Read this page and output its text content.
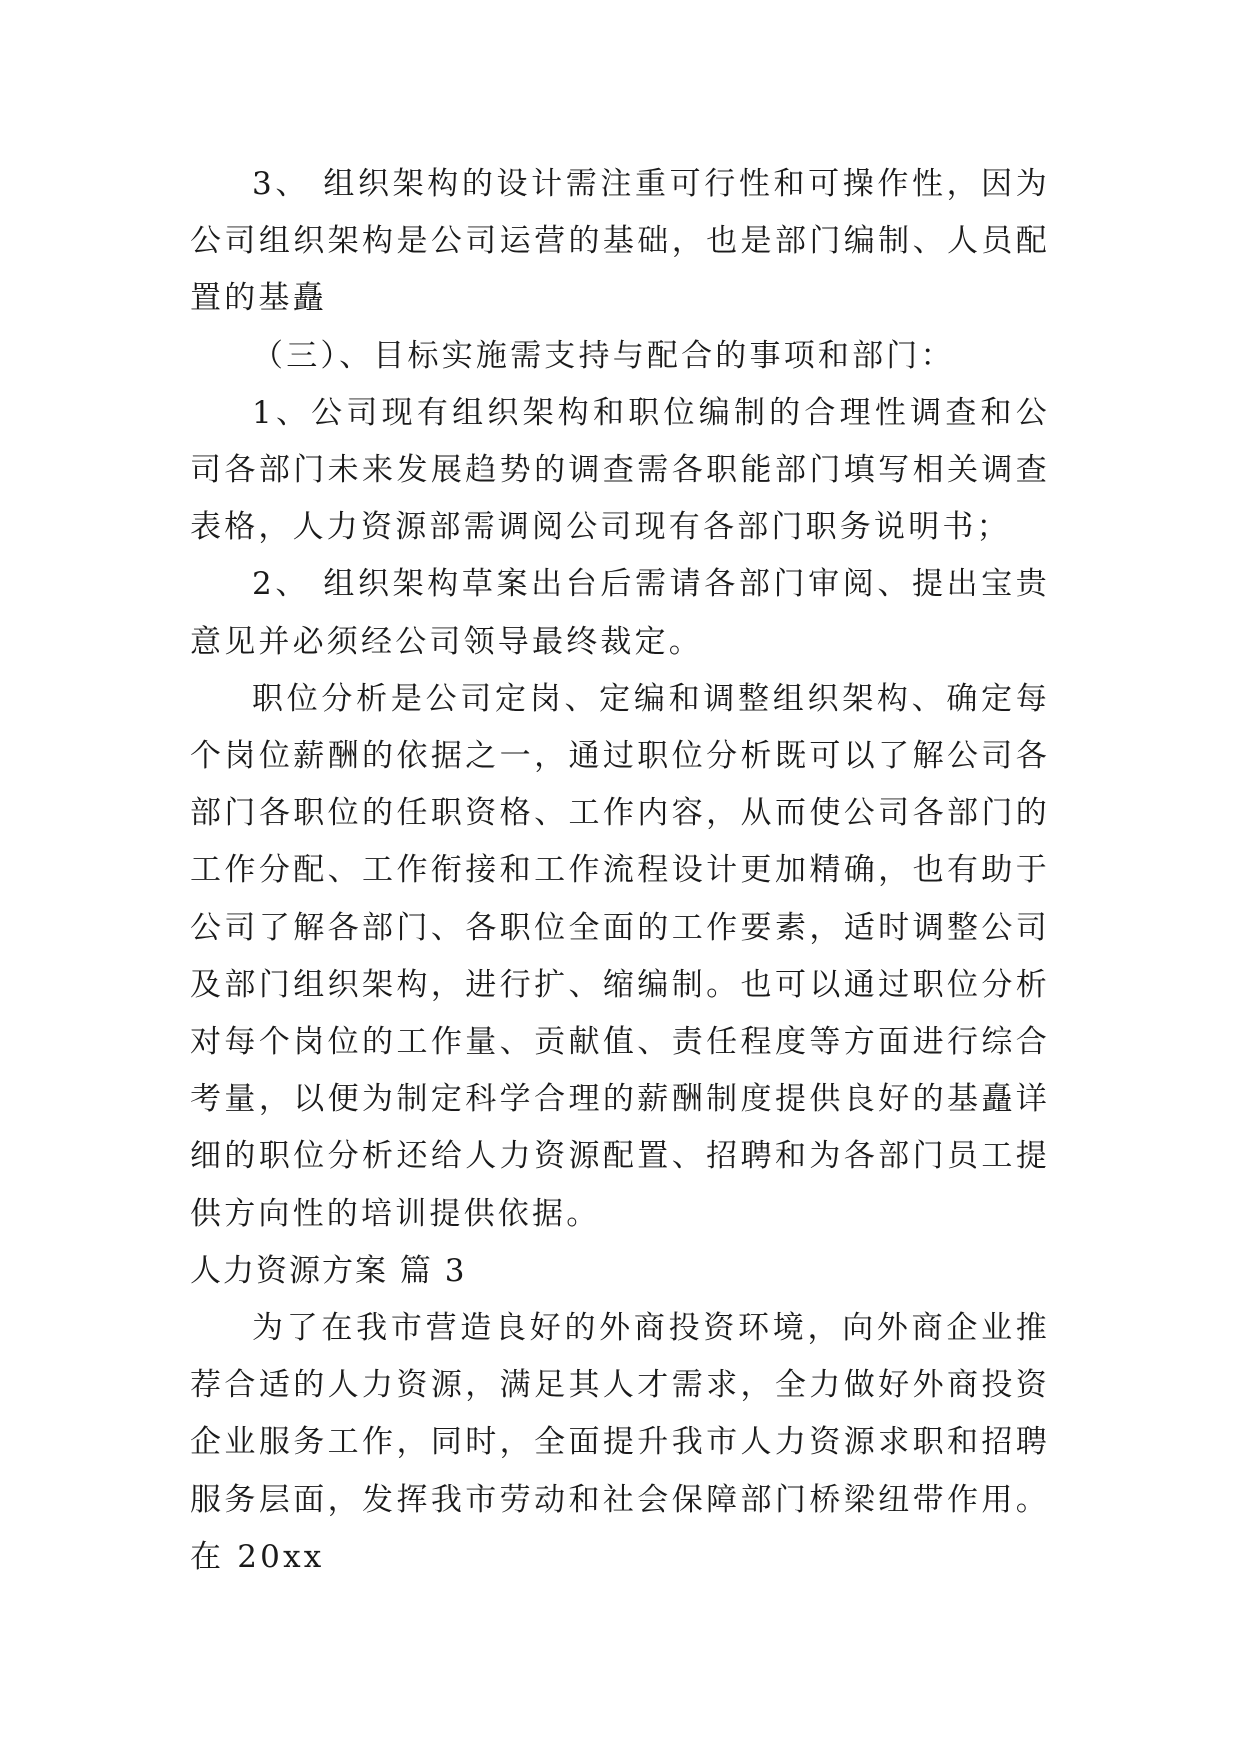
3、 组织架构的设计需注重可行性和可操作性，因为公司组织架构是公司运营的基础，也是部门编制、人员配置的基矗

（三）、目标实施需支持与配合的事项和部门：

1、公司现有组织架构和职位编制的合理性调查和公司各部门未来发展趋势的调查需各职能部门填写相关调查表格，人力资源部需调阅公司现有各部门职务说明书；

2、 组织架构草案出台后需请各部门审阅、提出宝贵意见并必须经公司领导最终裁定。

职位分析是公司定岗、定编和调整组织架构、确定每个岗位薪酬的依据之一，通过职位分析既可以了解公司各部门各职位的任职资格、工作内容，从而使公司各部门的工作分配、工作衔接和工作流程设计更加精确，也有助于公司了解各部门、各职位全面的工作要素，适时调整公司及部门组织架构，进行扩、缩编制。也可以通过职位分析对每个岗位的工作量、贡献值、责任程度等方面进行综合考量，以便为制定科学合理的薪酬制度提供良好的基矗详细的职位分析还给人力资源配置、招聘和为各部门员工提供方向性的培训提供依据。

人力资源方案 篇 3

为了在我市营造良好的外商投资环境，向外商企业推荐合适的人力资源，满足其人才需求，全力做好外商投资企业服务工作，同时，全面提升我市人力资源求职和招聘服务层面，发挥我市劳动和社会保障部门桥梁纽带作用。在 20xx
